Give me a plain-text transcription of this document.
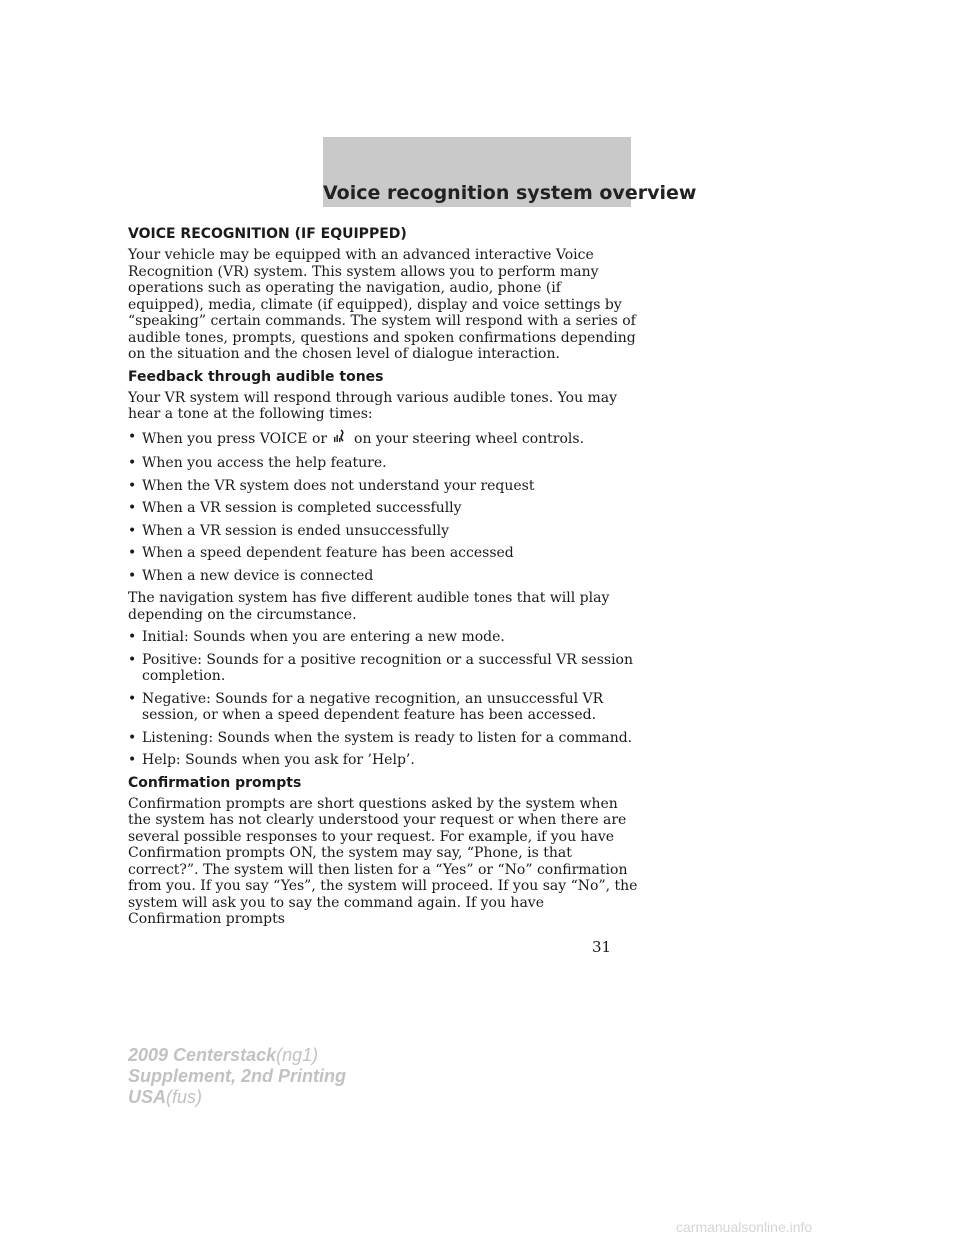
Voice recognition system overview
VOICE RECOGNITION (IF EQUIPPED)

Your vehicle may be equipped with an advanced interactive Voice Recognition (VR) system. This system allows you to perform many operations such as operating the navigation, audio, phone (if equipped), media, climate (if equipped), display and voice settings by “speaking” certain commands. The system will respond with a series of audible tones, prompts, questions and spoken confirmations depending on the situation and the chosen level of dialogue interaction.

Feedback through audible tones

Your VR system will respond through various audible tones. You may hear a tone at the following times:

• When you press VOICE or on your steering wheel controls.
• When you access the help feature.
• When the VR system does not understand your request
• When a VR session is completed successfully
• When a VR session is ended unsuccessfully
• When a speed dependent feature has been accessed
• When a new device is connected

The navigation system has five different audible tones that will play depending on the circumstance.

• Initial: Sounds when you are entering a new mode.
• Positive: Sounds for a positive recognition or a successful VR session completion.
• Negative: Sounds for a negative recognition, an unsuccessful VR session, or when a speed dependent feature has been accessed.
• Listening: Sounds when the system is ready to listen for a command.
• Help: Sounds when you ask for ’Help’.
Confirmation prompts

Confirmation prompts are short questions asked by the system when the system has not clearly understood your request or when there are several possible responses to your request. For example, if you have Confirmation prompts ON, the system may say, “Phone, is that correct?”. The system will then listen for a “Yes” or “No” confirmation from you. If you say “Yes”, the system will proceed. If you say “No”, the system will ask you to say the command again. If you have Confirmation prompts

31
2009 Centerstack(ng1)
Supplement, 2nd Printing
USA(fus)
carmanualsonline.info
